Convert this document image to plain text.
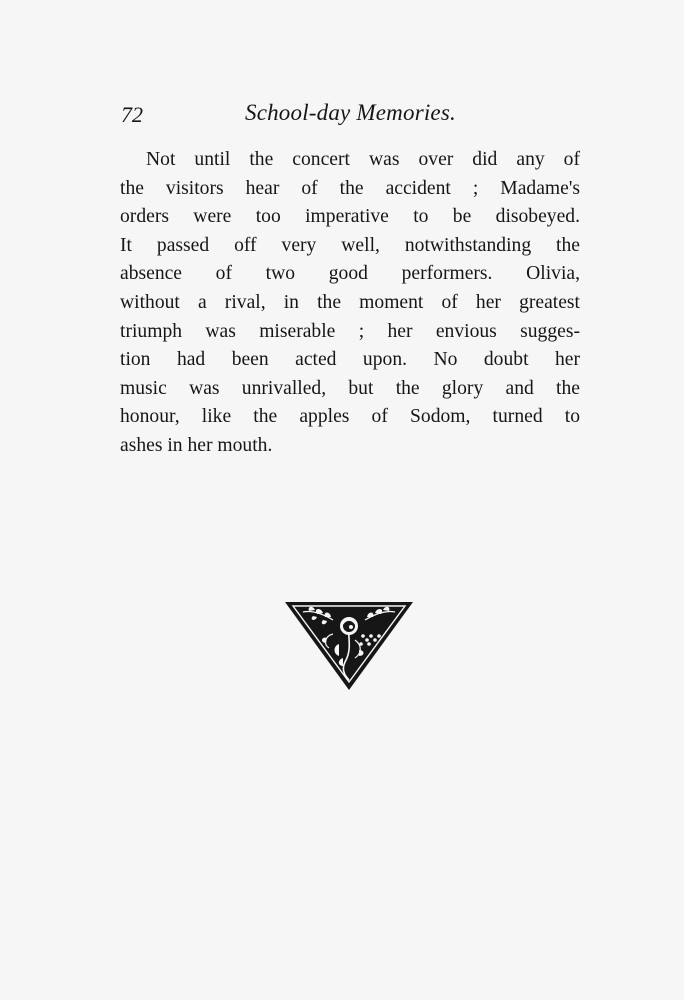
72	School-day Memories.
Not until the concert was over did any of
the visitors hear of the accident ; Madame's
orders were too imperative to be disobeyed.
It passed off very well, notwithstanding the
absence of two good performers. Olivia,
without a rival, in the moment of her greatest
triumph was miserable ; her envious sugges-
tion had been acted upon. No doubt her
music was unrivalled, but the glory and the
honour, like the apples of Sodom, turned to
ashes in her mouth.
